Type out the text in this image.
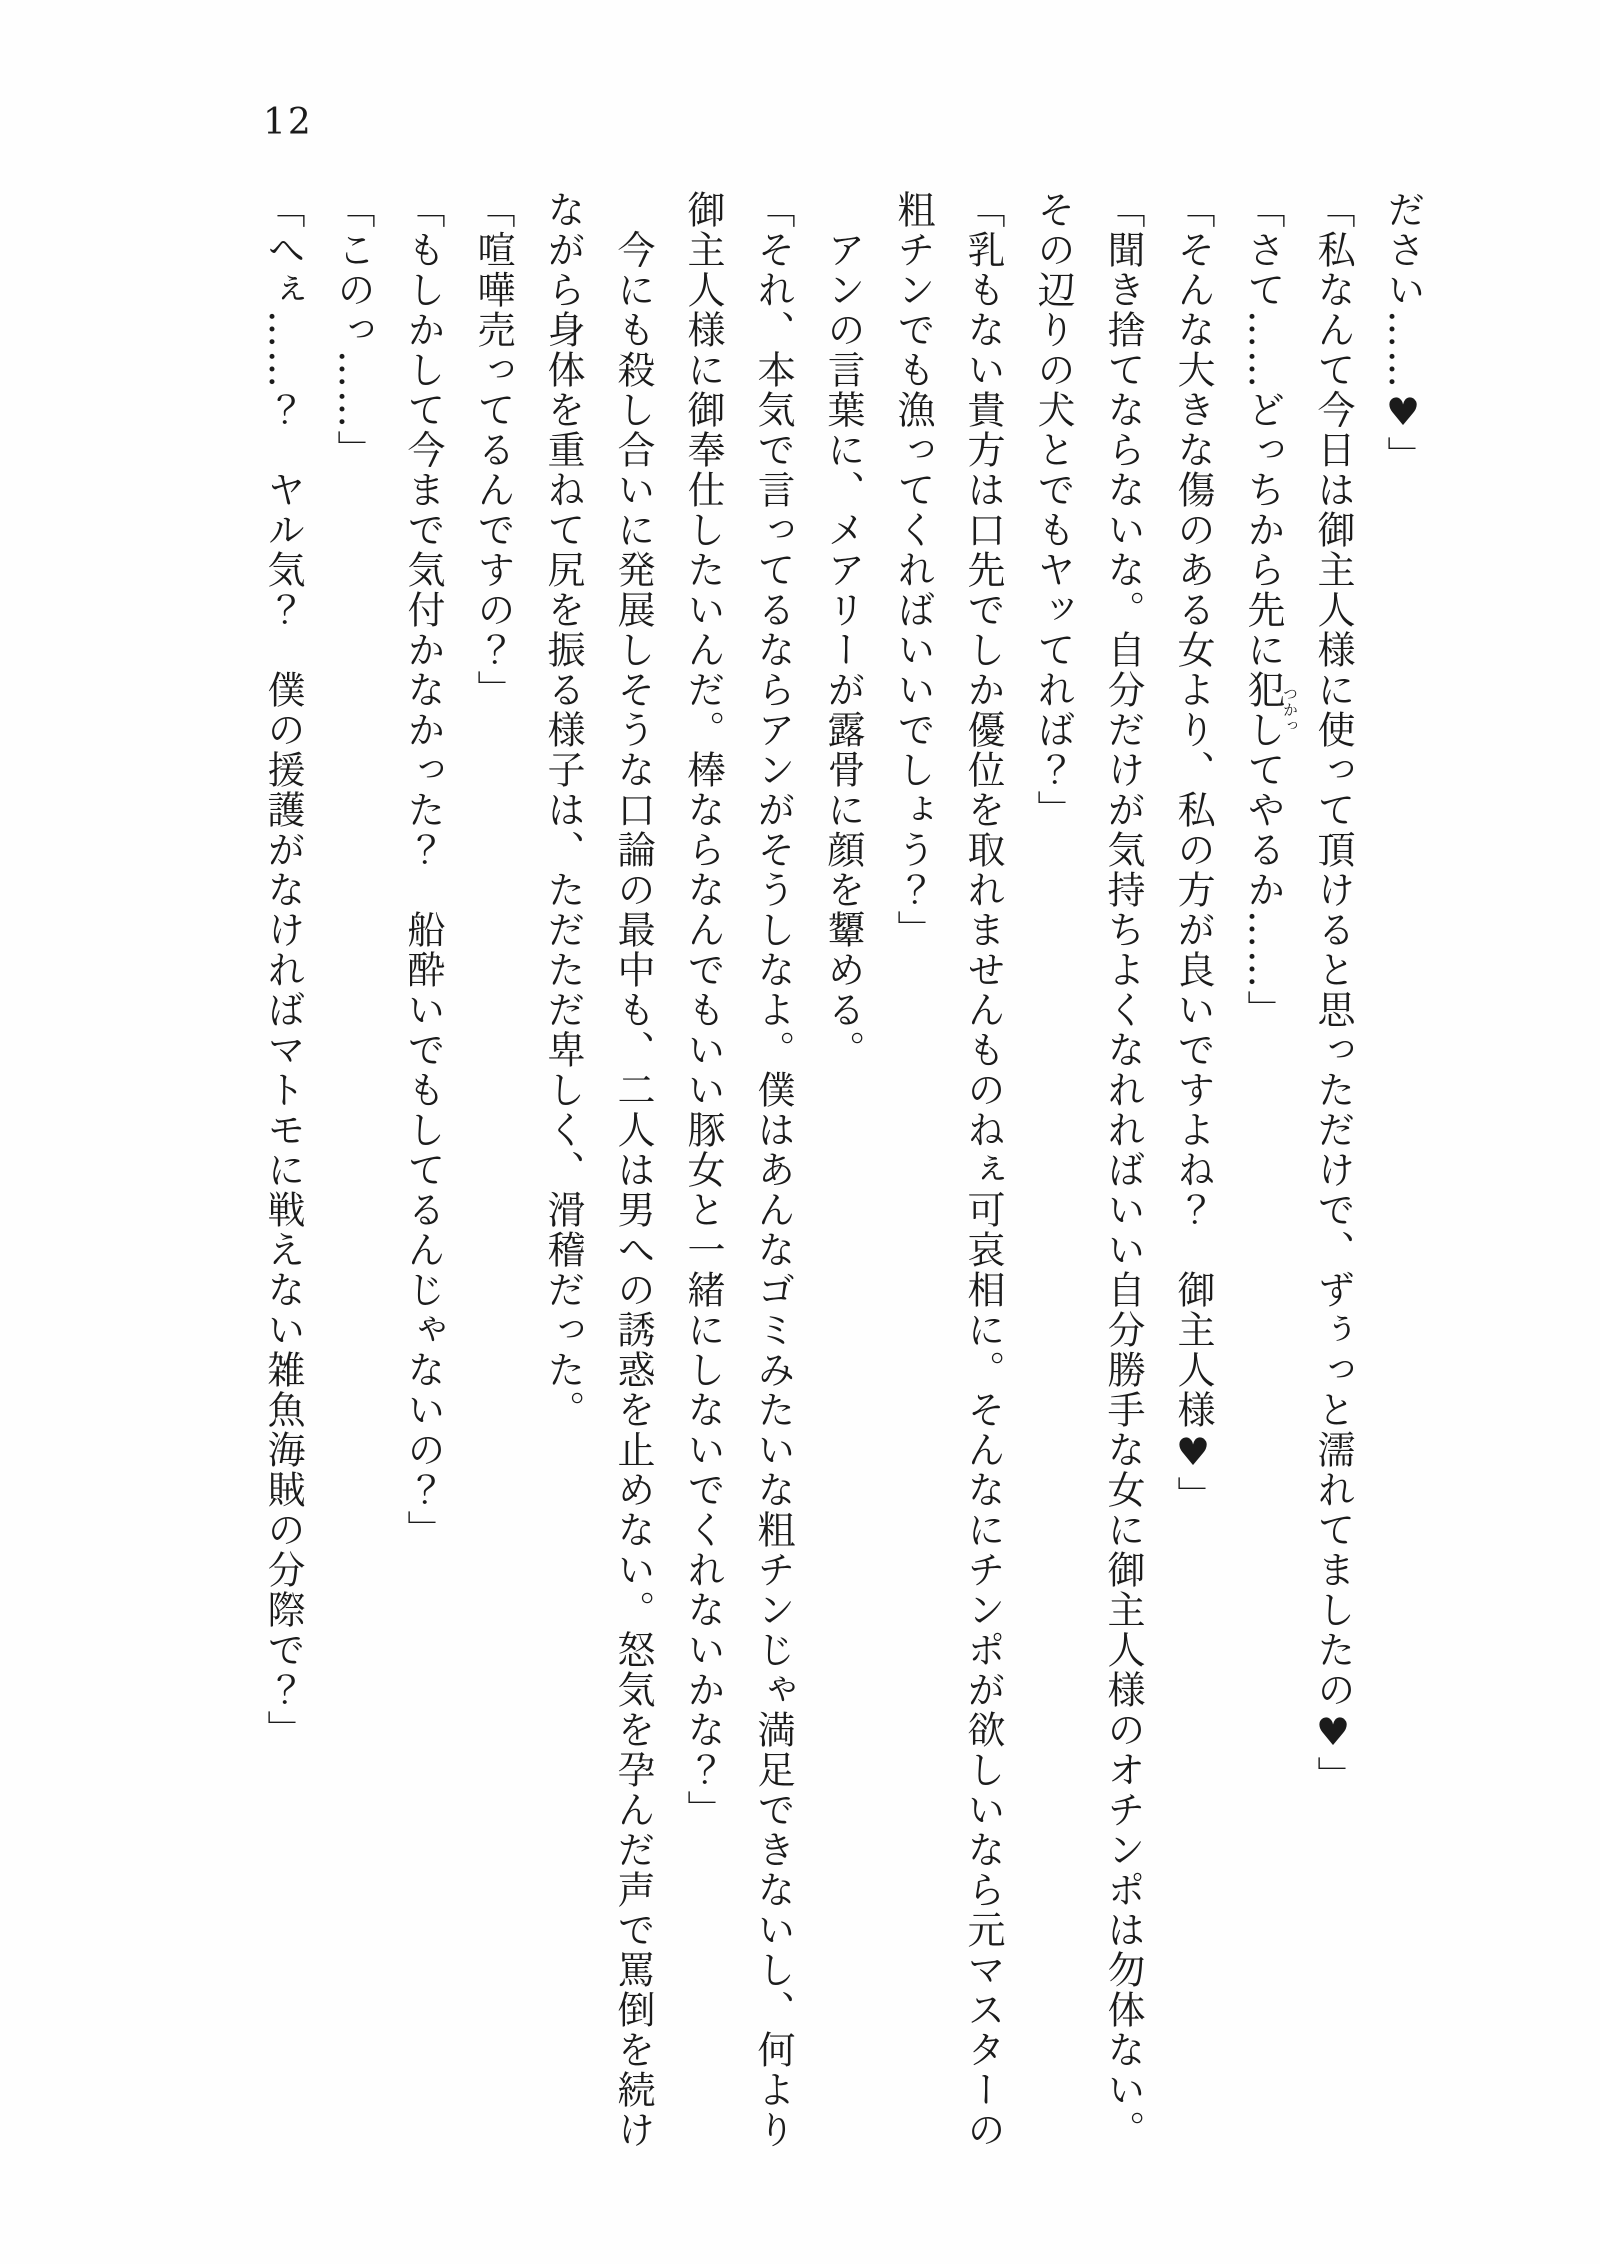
12
ださい……♥」
「私なんて今日は御主人様に使って頂けると思っただけで、ずぅっと濡れてましたの♥」
「さて……どっちから先に犯しつかってやるか……」
「そんな大きな傷のある女より、私の方が良いですよね？　御主人様♥」
「聞き捨てならないな。自分だけが気持ちよくなれればいい自分勝手な女に御主人様のオチンポは勿体ない。
その辺りの犬とでもヤッてれば？」
「乳もない貴方は口先でしか優位を取れませんものねぇ可哀相に。そんなにチンポが欲しいなら元マスターの
粗チンでも漁ってくればいいでしょう？」
アンの言葉に、メアリーが露骨に顔を顰める。
「それ、本気で言ってるならアンがそうしなよ。僕はあんなゴミみたいな粗チンじゃ満足できないし、何より
御主人様に御奉仕したいんだ。棒ならなんでもいい豚女と一緒にしないでくれないかな？」
今にも殺し合いに発展しそうな口論の最中も、二人は男への誘惑を止めない。怒気を孕んだ声で罵倒を続け
ながら身体を重ねて尻を振る様子は、ただただ卑しく、滑稽だった。
「喧嘩売ってるんですの？」
「もしかして今まで気付かなかった？　船酔いでもしてるんじゃないの？」
「このっ……」
「へぇ……？　ヤル気？　僕の援護がなければマトモに戦えない雑魚海賊の分際で？」
